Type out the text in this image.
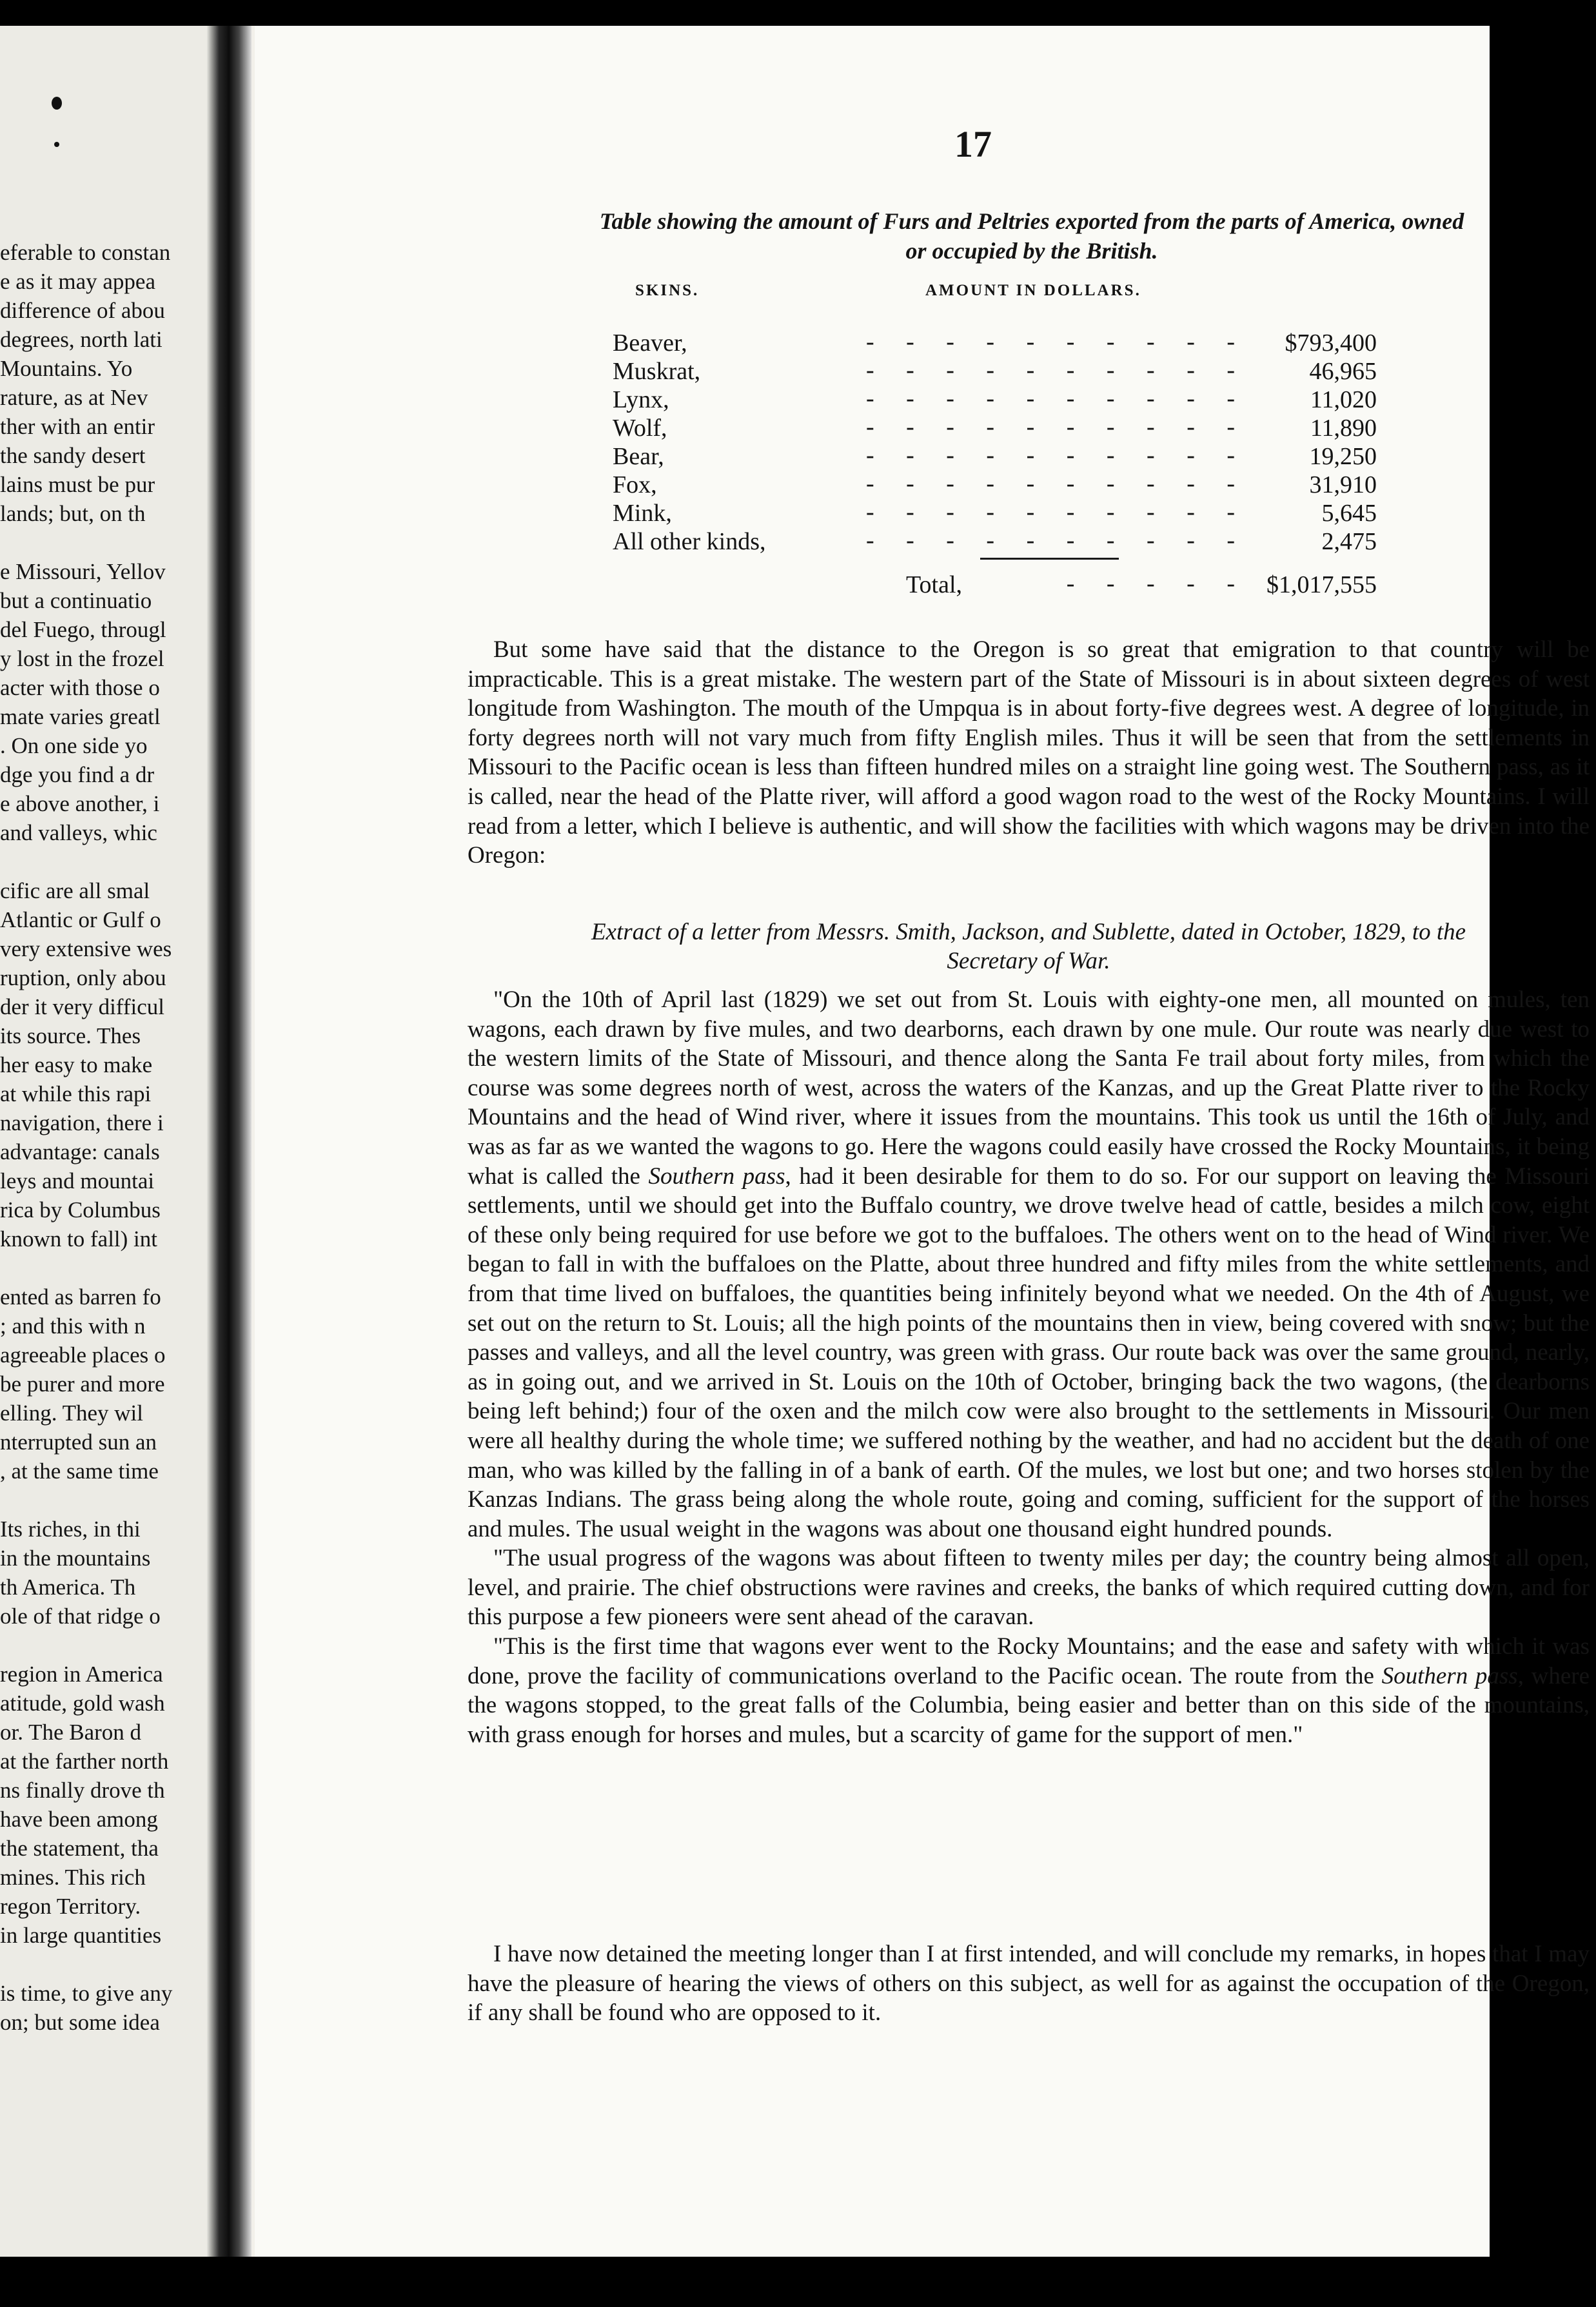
eferable to constan
e as it may appea
difference of abou
degrees, north lati
Mountains. Yo
rature, as at Nev
ther with an entir
the sandy desert
lains must be pur
lands; but, on th
e Missouri, Yellov
but a continuatio
del Fuego, througl
y lost in the frozel
acter with those o
mate varies greatl
. On one side yo
dge you find a dr
e above another, i
and valleys, whic
cific are all smal
Atlantic or Gulf o
very extensive wes
ruption, only abou
der it very difficul
its source. Thes
her easy to make
at while this rapi
navigation, there i
advantage: canals
leys and mountai
rica by Columbus
known to fall) int
ented as barren fo
; and this with n
agreeable places o
be purer and more
elling. They wil
nterrupted sun an
, at the same time
Its riches, in thi
in the mountains
th America. Th
ole of that ridge o
region in America
atitude, gold wash
or. The Baron d
at the farther north
ns finally drove th
have been among
the statement, tha
mines. This rich
regon Territory.
in large quantities
is time, to give any
on; but some idea
17
Table showing the amount of Furs and Peltries exported from the parts of America, owned
or occupied by the British.
SKINS.	AMOUNT IN DOLLARS.
Beaver,	- - - - - - - - - - $793,400
Muskrat,	- - - - - - - - - -	46,965
Lynx,	- - - - - - - - - -	11,020
Wolf,	- - - - - - - - - -	11,890
Bear,	- - - - - - - - - -	19,250
Fox,	- - - - - - - - - -	31,910
Mink,	- - - - - - - - - -	5,645
All other kinds,	- - - - - - - - - -	2,475
Total,	- - - - - $1,017,555

But some have said that the distance to the Oregon is so great that emigration to that country will be impracticable. This is a great mistake. The western part of the State of Missouri is in about sixteen degrees of west longitude from Washington. The mouth of the Umpqua is in about forty-five degrees west. A degree of longitude, in forty degrees north will not vary much from fifty English miles. Thus it will be seen that from the settlements in Missouri to the Pacific ocean is less than fifteen hundred miles on a straight line going west. The Southern pass, as it is called, near the head of the Platte river, will afford a good wagon road to the west of the Rocky Mountains. I will read from a letter, which I believe is authentic, and will show the facilities with which wagons may be driven into the Oregon:

Extract of a letter from Messrs. Smith, Jackson, and Sublette, dated in October, 1829, to the
Secretary of War.

"On the 10th of April last (1829) we set out from St. Louis with eighty-one men, all mounted on mules, ten wagons, each drawn by five mules, and two dearborns, each drawn by one mule. Our route was nearly due west to the western limits of the State of Missouri, and thence along the Santa Fe trail about forty miles, from which the course was some degrees north of west, across the waters of the Kanzas, and up the Great Platte river to the Rocky Mountains and the head of Wind river, where it issues from the mountains. This took us until the 16th of July, and was as far as we wanted the wagons to go. Here the wagons could easily have crossed the Rocky Mountains, it being what is called the Southern pass, had it been desirable for them to do so. For our support on leaving the Missouri settlements, until we should get into the Buffalo country, we drove twelve head of cattle, besides a milch cow, eight of these only being required for use before we got to the buffaloes. The others went on to the head of Wind river. We began to fall in with the buffaloes on the Platte, about three hundred and fifty miles from the white settlements, and from that time lived on buffaloes, the quantities being infinitely beyond what we needed. On the 4th of August, we set out on the return to St. Louis; all the high points of the mountains then in view, being covered with snow; but the passes and valleys, and all the level country, was green with grass. Our route back was over the same ground, nearly, as in going out, and we arrived in St. Louis on the 10th of October, bringing back the two wagons, (the dearborns being left behind;) four of the oxen and the milch cow were also brought to the settlements in Missouri. Our men were all healthy during the whole time; we suffered nothing by the weather, and had no accident but the death of one man, who was killed by the falling in of a bank of earth. Of the mules, we lost but one; and two horses stolen by the Kanzas Indians. The grass being along the whole route, going and coming, sufficient for the support of the horses and mules. The usual weight in the wagons was about one thousand eight hundred pounds.

"The usual progress of the wagons was about fifteen to twenty miles per day; the country being almost all open, level, and prairie. The chief obstructions were ravines and creeks, the banks of which required cutting down, and for this purpose a few pioneers were sent ahead of the caravan.

"This is the first time that wagons ever went to the Rocky Mountains; and the ease and safety with which it was done, prove the facility of communications overland to the Pacific ocean. The route from the Southern pass, where the wagons stopped, to the great falls of the Columbia, being easier and better than on this side of the mountains, with grass enough for horses and mules, but a scarcity of game for the support of men."

I have now detained the meeting longer than I at first intended, and will conclude my remarks, in hopes that I may have the pleasure of hearing the views of others on this subject, as well for as against the occupation of the Oregon, if any shall be found who are opposed to it.
